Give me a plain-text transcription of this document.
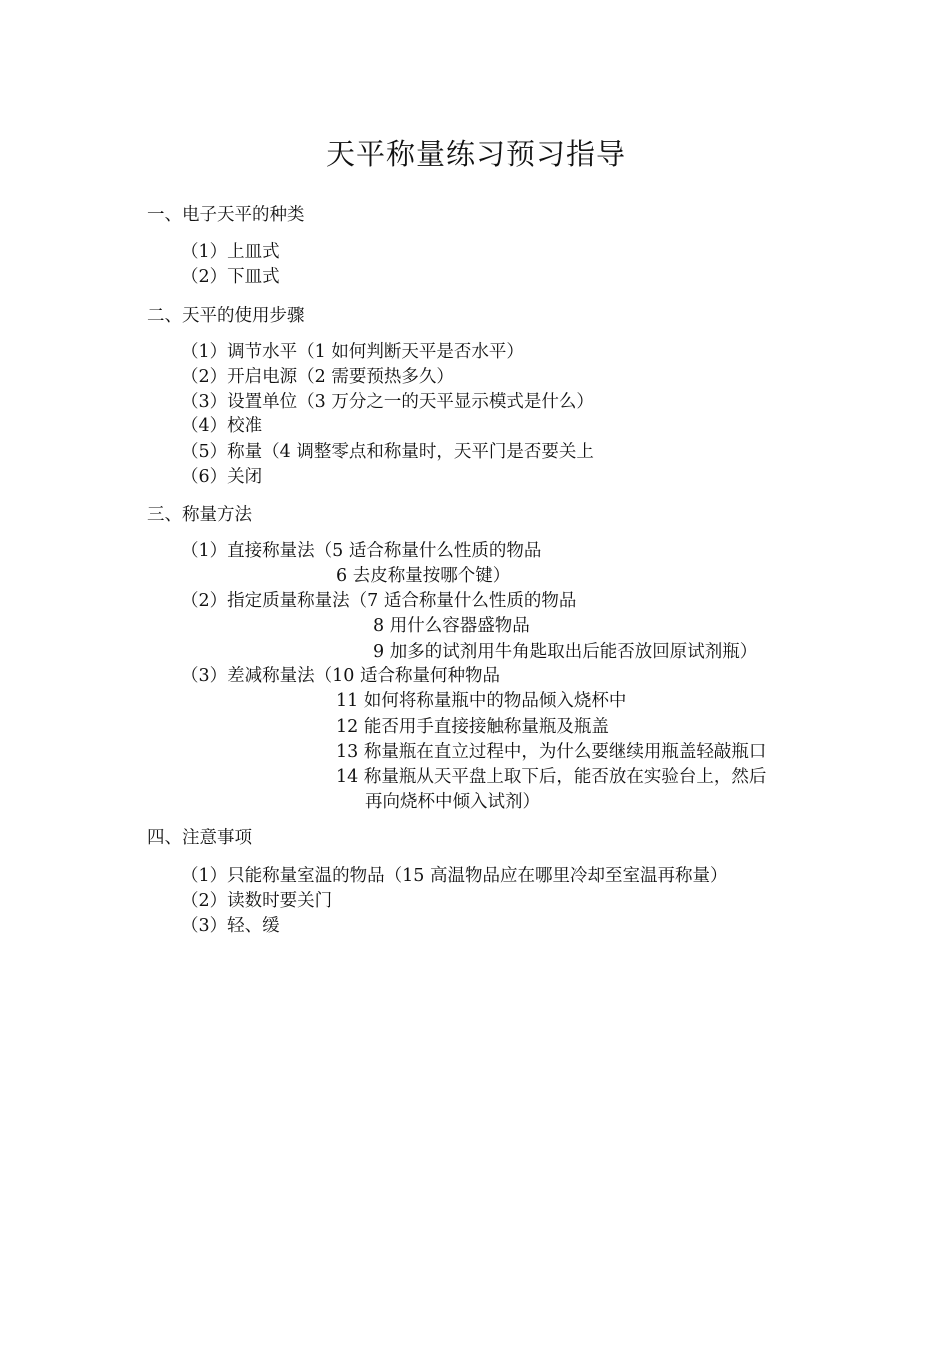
天平称量练习预习指导
一、电子天平的种类
（1）上皿式
（2）下皿式
二、天平的使用步骤
（1）调节水平（1 如何判断天平是否水平）
（2）开启电源（2 需要预热多久）
（3）设置单位（3 万分之一的天平显示模式是什么）
（4）校准
（5）称量（4 调整零点和称量时，天平门是否要关上
（6）关闭
三、称量方法
（1）直接称量法（5 适合称量什么性质的物品
6 去皮称量按哪个键）
（2）指定质量称量法（7 适合称量什么性质的物品
8 用什么容器盛物品
9 加多的试剂用牛角匙取出后能否放回原试剂瓶）
（3）差减称量法（10 适合称量何种物品
11 如何将称量瓶中的物品倾入烧杯中
12 能否用手直接接触称量瓶及瓶盖
13 称量瓶在直立过程中，为什么要继续用瓶盖轻敲瓶口
14 称量瓶从天平盘上取下后，能否放在实验台上，然后
再向烧杯中倾入试剂）
四、注意事项
（1）只能称量室温的物品（15 高温物品应在哪里冷却至室温再称量）
（2）读数时要关门
（3）轻、缓
